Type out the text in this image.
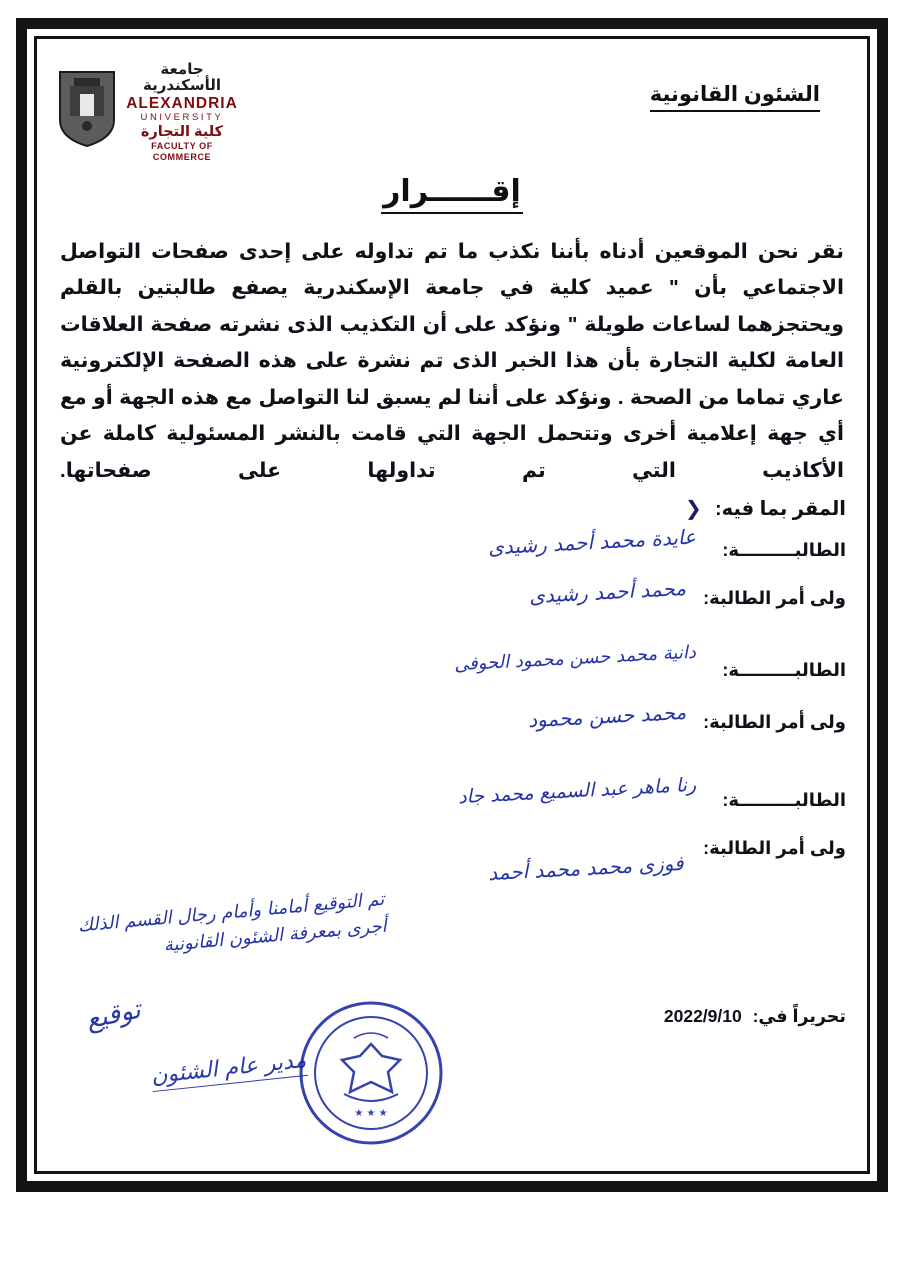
الشئون القانونية
جامعة الأسكندرية
ALEXANDRIA
UNIVERSITY
كلية التجارة
FACULTY OF COMMERCE
إقــــــرار
نقر نحن الموقعين أدناه بأننا نكذب ما تم تداوله على إحدى صفحات التواصل الاجتماعي بأن " عميد كلية في جامعة الإسكندرية يصفع طالبتين بالقلم ويحتجزهما لساعات طويلة " ونؤكد على أن التكذيب الذى نشرته صفحة العلاقات العامة لكلية التجارة بأن هذا الخبر الذى تم نشرة على هذه الصفحة الإلكترونية عاري تماما من الصحة . ونؤكد على أننا لم يسبق لنا التواصل مع هذه الجهة أو مع أي جهة إعلامية أخرى وتتحمل الجهة التي قامت بالنشر المسئولية كاملة عن الأكاذيب التي تم تداولها على صفحاتها.
المقر بما فيه: ❯
الطالبـــــــــة:
عايدة محمد أحمد رشيدى
ولى أمر الطالبة:
محمد أحمد رشيدى
الطالبـــــــــة:
دانية محمد حسن محمود الحوفى
ولى أمر الطالبة:
محمد حسن محمود
الطالبـــــــــة:
رنا ماهر عبد السميع محمد جاد
ولى أمر الطالبة:
فوزى محمد محمد أحمد
تم التوقيع أمامنا وأمام رجال القسم الذلك أجرى بمعرفة الشئون القانونية
توقيع
مدير عام الشئون
★ ★ ★
تحريراً في: 2022/9/10
